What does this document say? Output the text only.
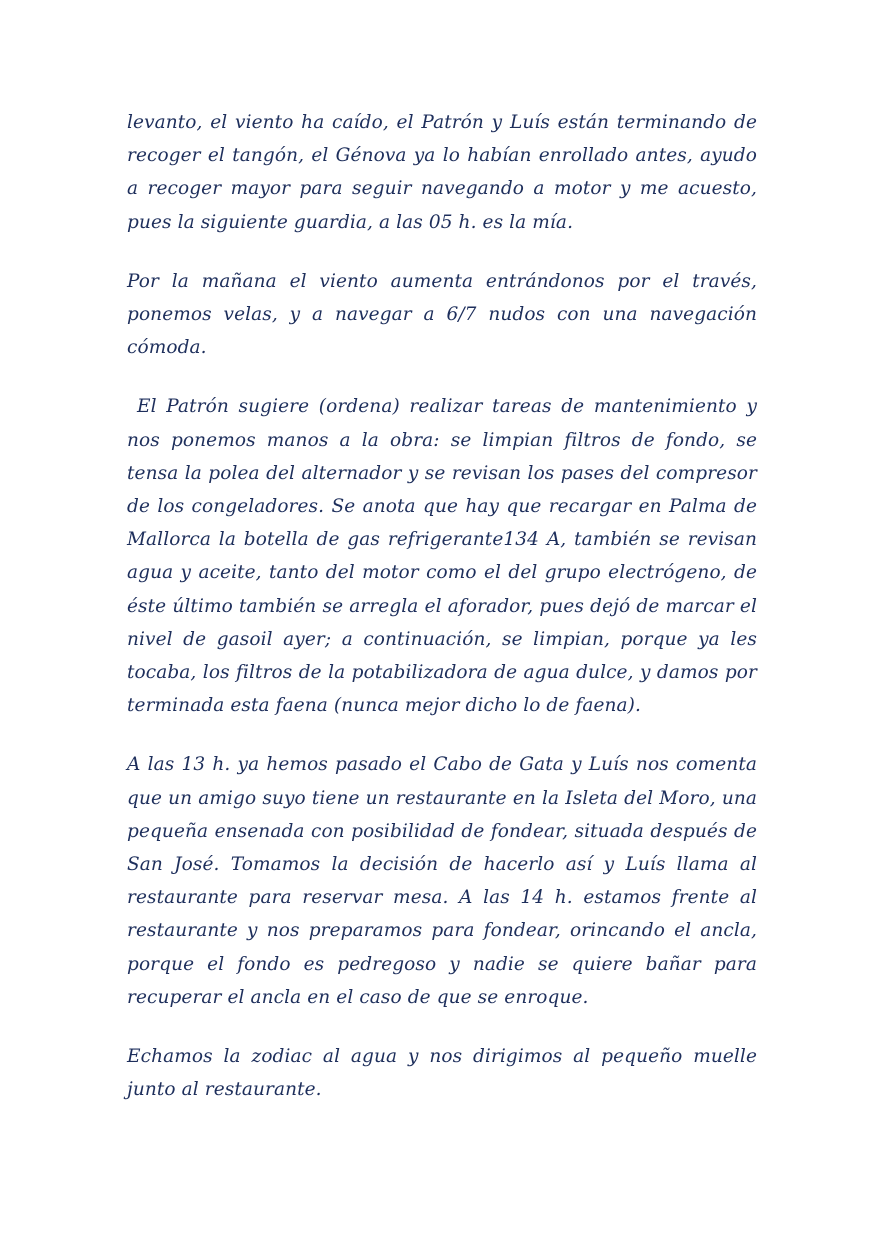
levanto, el viento ha caído, el Patrón y Luís están terminando de recoger el tangón, el Génova ya lo habían enrollado antes, ayudo a recoger mayor para seguir navegando a motor y me acuesto, pues la siguiente guardia, a las 05 h. es la mía.

Por la mañana el viento aumenta entrándonos por el través, ponemos velas, y a navegar a 6/7 nudos con una navegación cómoda.

El Patrón sugiere (ordena) realizar tareas de mantenimiento y nos ponemos manos a la obra: se limpian filtros de fondo, se tensa la polea del alternador y se revisan los pases del compresor de los congeladores. Se anota que hay que recargar en Palma de Mallorca la botella de gas refrigerante134 A, también se revisan agua y aceite, tanto del motor como el del grupo electrógeno, de éste último también se arregla el aforador, pues dejó de marcar el nivel de gasoil ayer; a continuación, se limpian, porque ya les tocaba, los filtros de la potabilizadora de agua dulce, y damos por terminada esta faena (nunca mejor dicho lo de faena).

A las 13 h. ya hemos pasado el Cabo de Gata y Luís nos comenta que un amigo suyo tiene un restaurante en la Isleta del Moro, una pequeña ensenada con posibilidad de fondear, situada después de San José. Tomamos la decisión de hacerlo así y Luís llama al restaurante para reservar mesa. A las 14 h. estamos frente al restaurante y nos preparamos para fondear, orincando el ancla, porque el fondo es pedregoso y nadie se quiere bañar para recuperar el ancla en el caso de que se enroque.

Echamos la zodiac al agua y nos dirigimos al pequeño muelle junto al restaurante.
